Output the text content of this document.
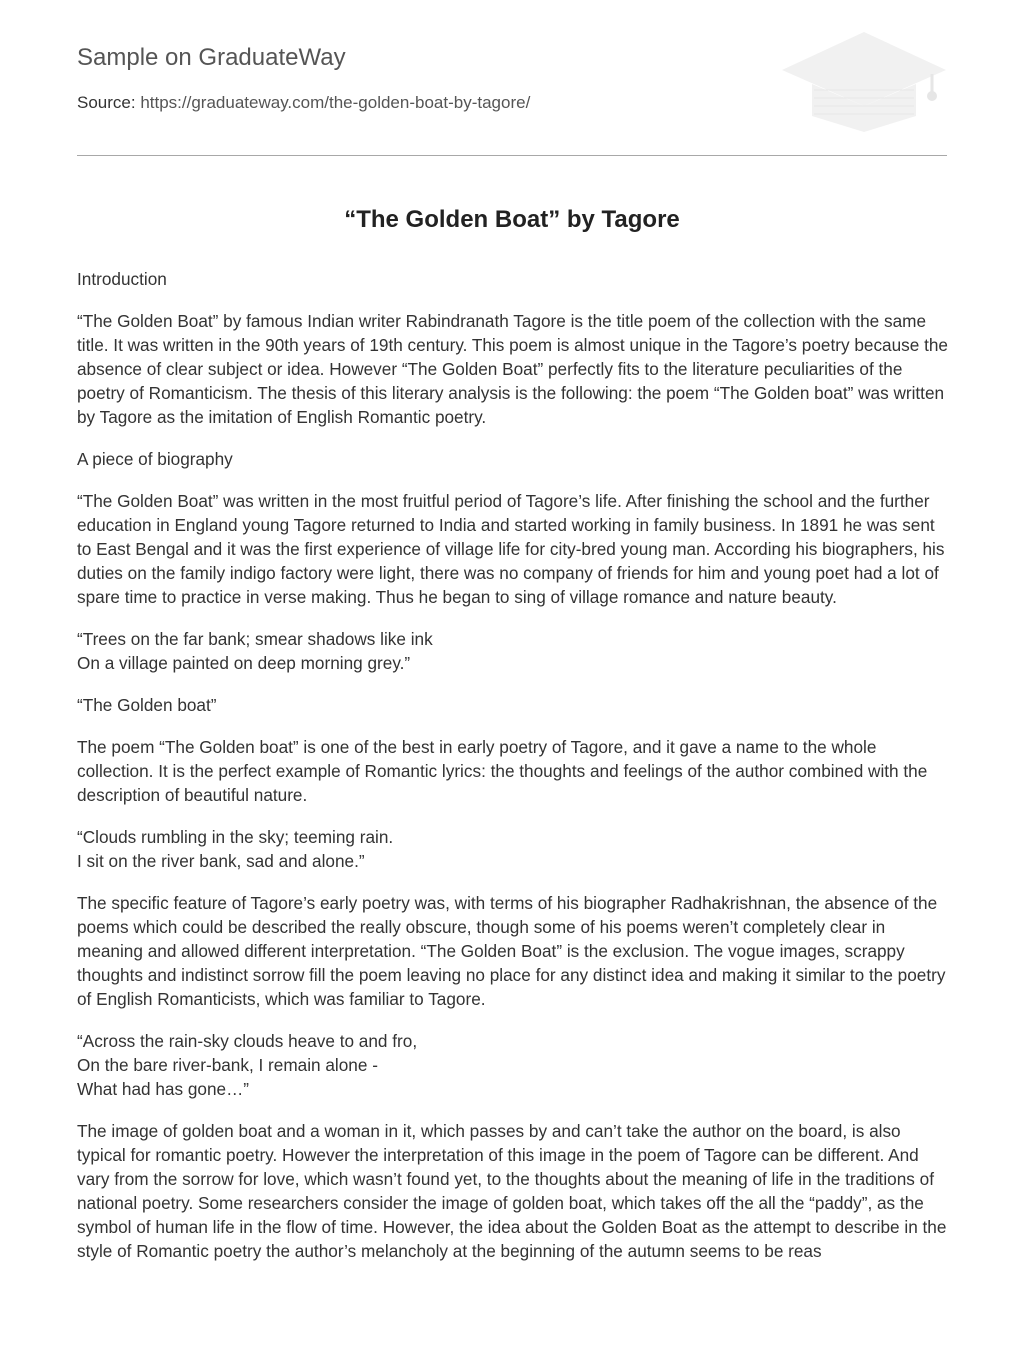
Sample on GraduateWay

Source: https://graduateway.com/the-golden-boat-by-tagore/
“The Golden Boat” by Tagore

Introduction

“The Golden Boat” by famous Indian writer Rabindranath Tagore is the title poem of the collection with the same title. It was written in the 90th years of 19th century. This poem is almost unique in the Tagore’s poetry because the absence of clear subject or idea. However “The Golden Boat” perfectly fits to the literature peculiarities of the poetry of Romanticism. The thesis of this literary analysis is the following: the poem “The Golden boat” was written by Tagore as the imitation of English Romantic poetry.

A piece of biography

“The Golden Boat” was written in the most fruitful period of Tagore’s life. After finishing the school and the further education in England young Tagore returned to India and started working in family business. In 1891 he was sent to East Bengal and it was the first experience of village life for city-bred young man. According his biographers, his duties on the family indigo factory were light, there was no company of friends for him and young poet had a lot of spare time to practice in verse making. Thus he began to sing of village romance and nature beauty.

“Trees on the far bank; smear shadows like ink
On a village painted on deep morning grey.”

“The Golden boat”

The poem “The Golden boat” is one of the best in early poetry of Tagore, and it gave a name to the whole collection. It is the perfect example of Romantic lyrics: the thoughts and feelings of the author combined with the description of beautiful nature.

“Clouds rumbling in the sky; teeming rain.
I sit on the river bank, sad and alone.”

The specific feature of Tagore’s early poetry was, with terms of his biographer Radhakrishnan, the absence of the poems which could be described the really obscure, though some of his poems weren’t completely clear in meaning and allowed different interpretation. “The Golden Boat” is the exclusion. The vogue images, scrappy thoughts and indistinct sorrow fill the poem leaving no place for any distinct idea and making it similar to the poetry of English Romanticists, which was familiar to Tagore.

“Across the rain-sky clouds heave to and fro,
On the bare river-bank, I remain alone -
What had has gone…”

The image of golden boat and a woman in it, which passes by and can’t take the author on the board, is also typical for romantic poetry. However the interpretation of this image in the poem of Tagore can be different. And vary from the sorrow for love, which wasn’t found yet, to the thoughts about the meaning of life in the traditions of national poetry. Some researchers consider the image of golden boat, which takes off the all the “paddy”, as the symbol of human life in the flow of time. However, the idea about the Golden Boat as the attempt to describe in the style of Romantic poetry the author’s melancholy at the beginning of the autumn seems to be reas
